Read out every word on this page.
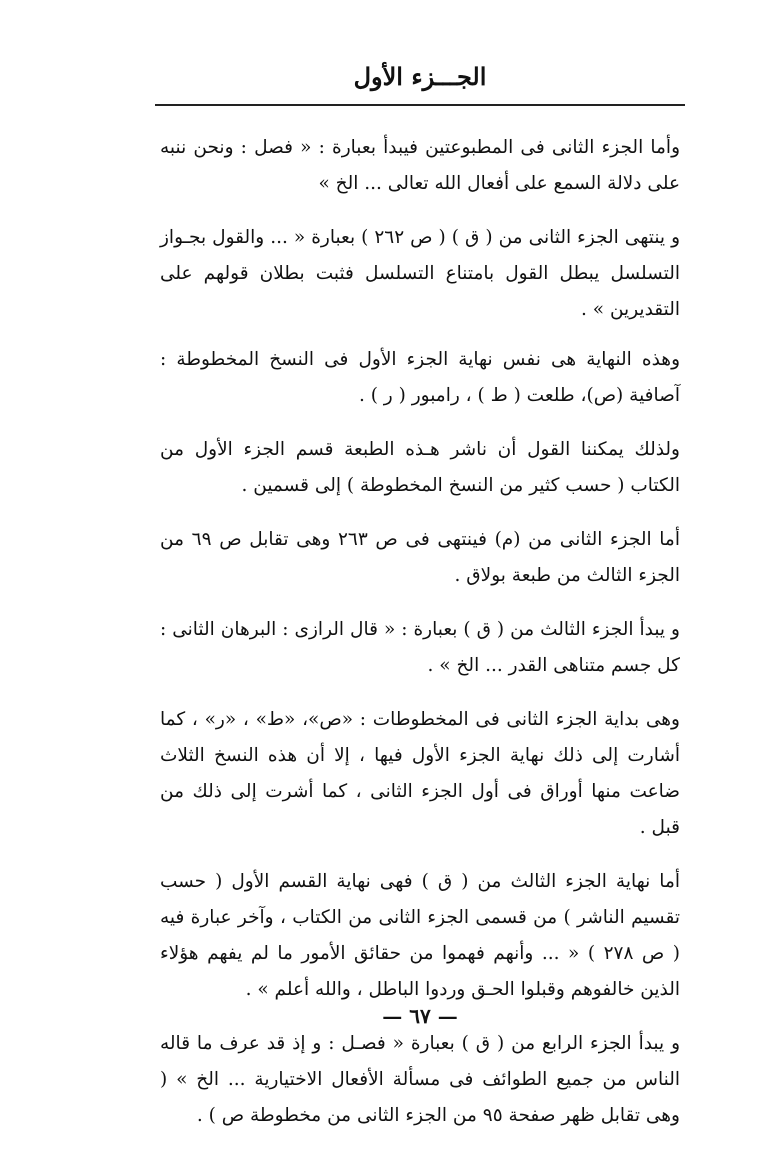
الجـــزء الأول

وأما الجزء الثانى فى المطبوعتين فيبدأ بعبارة : « فصل : ونحن ننبه على دلالة السمع على أفعال الله تعالى ... الخ »

و ينتهى الجزء الثانى من ( ق ) ( ص ٢٦٢ ) بعبارة « ... والقول بجـواز التسلسل يبطل القول بامتناع التسلسل فثبت بطلان قولهم على التقديرين » .

وهذه النهاية هى نفس نهاية الجزء الأول فى النسخ المخطوطة : آصافية (ص)، طلعت ( ط ) ، رامبور ( ر ) .

ولذلك يمكننا القول أن ناشر هـذه الطبعة قسم الجزء الأول من الكتاب ( حسب كثير من النسخ المخطوطة ) إلى قسمين .

أما الجزء الثانى من (م) فينتهى فى ص ٢٦٣ وهى تقابل ص ٦٩ من الجزء الثالث من طبعة بولاق .

و يبدأ الجزء الثالث من ( ق ) بعبارة : « قال الرازى : البرهان الثانى : كل جسم متناهى القدر ... الخ » .

وهى بداية الجزء الثانى فى المخطوطات : «ص»، «ط» ، «ر» ، كما أشارت إلى ذلك نهاية الجزء الأول فيها ، إلا أن هذه النسخ الثلاث ضاعت منها أوراق فى أول الجزء الثانى ، كما أشرت إلى ذلك من قبل .

أما نهاية الجزء الثالث من ( ق ) فهى نهاية القسم الأول ( حسب تقسيم الناشر ) من قسمى الجزء الثانى من الكتاب ، وآخر عبارة فيه ( ص ٢٧٨ ) « ... وأنهم فهموا من حقائق الأمور ما لم يفهم هؤلاء الذين خالفوهم وقبلوا الحـق وردوا الباطل ، والله أعلم » .

و يبدأ الجزء الرابع من ( ق ) بعبارة « فصـل : و إذ قد عرف ما قاله الناس من جميع الطوائف فى مسألة الأفعال الاختيارية ... الخ » ( وهى تقابل ظهر صفحة ٩٥ من الجزء الثانى من مخطوطة ص ) .

— ٦٧ —
